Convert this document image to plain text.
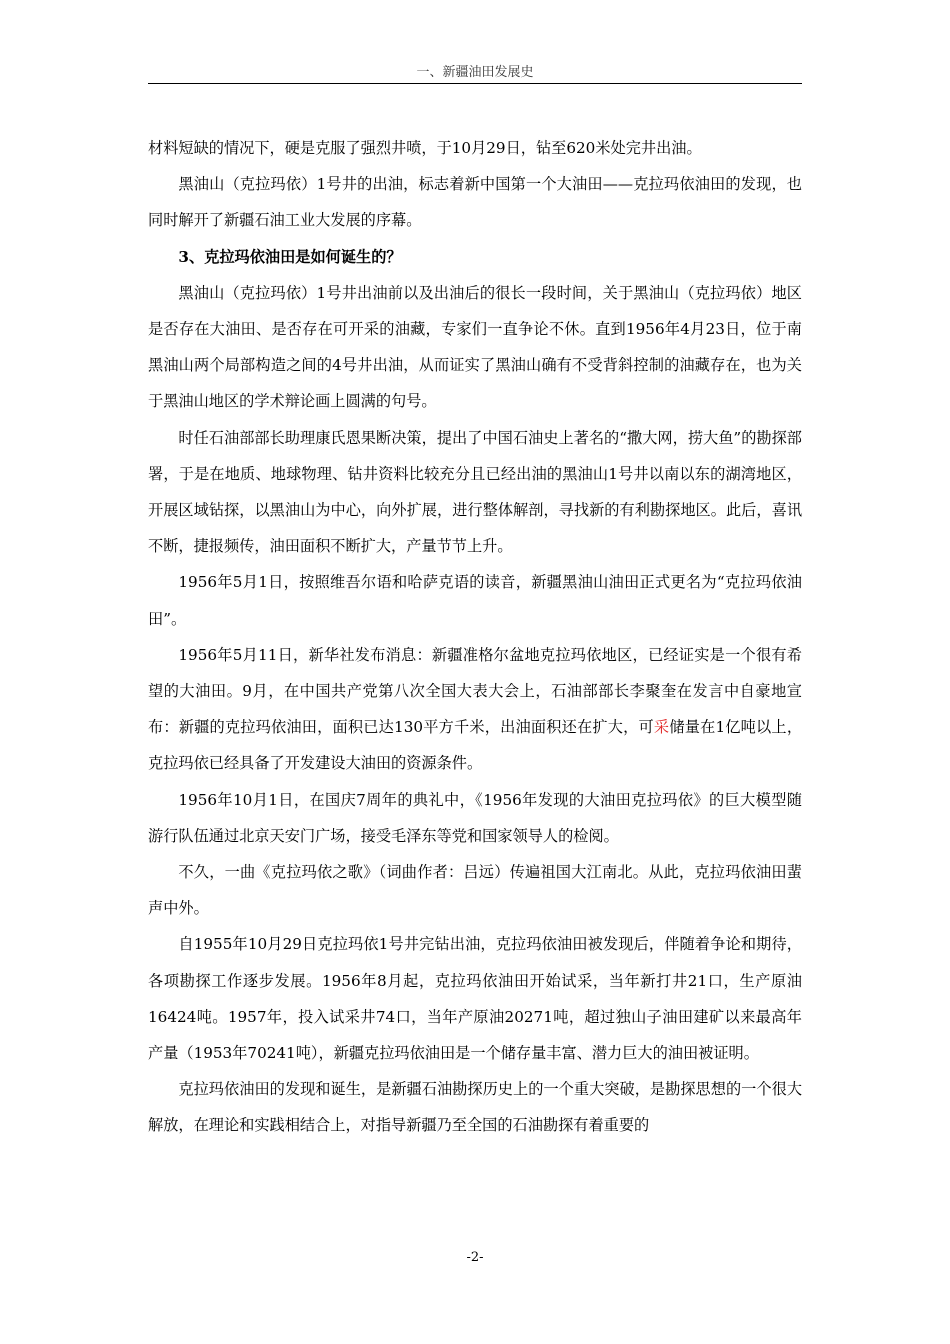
一、新疆油田发展史

材料短缺的情况下，硬是克服了强烈井喷，于10月29日，钻至620米处完井出油。

黑油山（克拉玛依）1号井的出油，标志着新中国第一个大油田——克拉玛依油田的发现，也同时解开了新疆石油工业大发展的序幕。

3、克拉玛依油田是如何诞生的？

黑油山（克拉玛依）1号井出油前以及出油后的很长一段时间，关于黑油山（克拉玛依）地区是否存在大油田、是否存在可开采的油藏，专家们一直争论不休。直到1956年4月23日，位于南黑油山两个局部构造之间的4号井出油，从而证实了黑油山确有不受背斜控制的油藏存在，也为关于黑油山地区的学术辩论画上圆满的句号。

时任石油部部长助理康氏恩果断决策，提出了中国石油史上著名的“撒大网，捞大鱼”的勘探部署，于是在地质、地球物理、钻井资料比较充分且已经出油的黑油山1号井以南以东的湖湾地区，开展区域钻探，以黑油山为中心，向外扩展，进行整体解剖，寻找新的有利勘探地区。此后，喜讯不断，捷报频传，油田面积不断扩大，产量节节上升。

1956年5月1日，按照维吾尔语和哈萨克语的读音，新疆黑油山油田正式更名为“克拉玛依油田”。

1956年5月11日，新华社发布消息：新疆准格尔盆地克拉玛依地区，已经证实是一个很有希望的大油田。9月，在中国共产党第八次全国大表大会上，石油部部长李聚奎在发言中自豪地宣布：新疆的克拉玛依油田，面积已达130平方千米，出油面积还在扩大，可采储量在1亿吨以上，克拉玛依已经具备了开发建设大油田的资源条件。

1956年10月1日，在国庆7周年的典礼中，《1956年发现的大油田克拉玛依》的巨大模型随游行队伍通过北京天安门广场，接受毛泽东等党和国家领导人的检阅。

不久，一曲《克拉玛依之歌》（词曲作者：吕远）传遍祖国大江南北。从此，克拉玛依油田蜚声中外。

自1955年10月29日克拉玛依1号井完钻出油，克拉玛依油田被发现后，伴随着争论和期待，各项勘探工作逐步发展。1956年8月起，克拉玛依油田开始试采，当年新打井21口，生产原油16424吨。1957年，投入试采井74口，当年产原油20271吨，超过独山子油田建矿以来最高年产量（1953年70241吨），新疆克拉玛依油田是一个储存量丰富、潜力巨大的油田被证明。

克拉玛依油田的发现和诞生，是新疆石油勘探历史上的一个重大突破，是勘探思想的一个很大解放，在理论和实践相结合上，对指导新疆乃至全国的石油勘探有着重要的

-2-
